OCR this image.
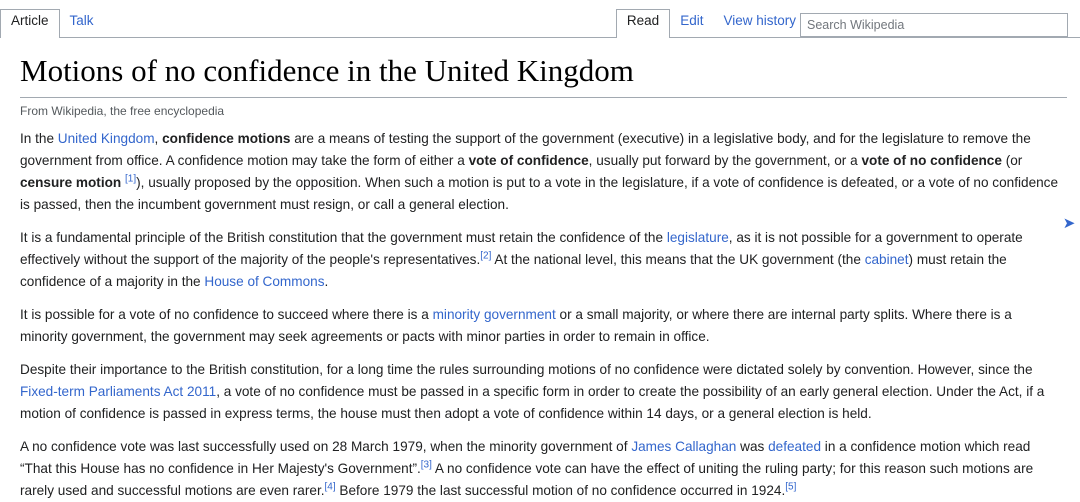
Article Talk	Read Edit View history
Search Wikipedia
Motions of no confidence in the United Kingdom
From Wikipedia, the free encyclopedia

In the United Kingdom, confidence motions are a means of testing the support of the government (executive) in a legislative body, and for the legislature to remove the government from office. A confidence motion may take the form of either a vote of confidence, usually put forward by the government, or a vote of no confidence (or censure motion [1]), usually proposed by the opposition. When such a motion is put to a vote in the legislature, if a vote of confidence is defeated, or a vote of no confidence is passed, then the incumbent government must resign, or call a general election.

It is a fundamental principle of the British constitution that the government must retain the confidence of the legislature, as it is not possible for a government to operate effectively without the support of the majority of the people's representatives.[2] At the national level, this means that the UK government (the cabinet) must retain the confidence of a majority in the House of Commons.

It is possible for a vote of no confidence to succeed where there is a minority government or a small majority, or where there are internal party splits. Where there is a minority government, the government may seek agreements or pacts with minor parties in order to remain in office.

Despite their importance to the British constitution, for a long time the rules surrounding motions of no confidence were dictated solely by convention. However, since the Fixed-term Parliaments Act 2011, a vote of no confidence must be passed in a specific form in order to create the possibility of an early general election. Under the Act, if a motion of confidence is passed in express terms, the house must then adopt a vote of confidence within 14 days, or a general election is held.

A no confidence vote was last successfully used on 28 March 1979, when the minority government of James Callaghan was defeated in a confidence motion which read “That this House has no confidence in Her Majesty's Government”.[3] A no confidence vote can have the effect of uniting the ruling party; for this reason such motions are rarely used and successful motions are even rarer.[4] Before 1979 the last successful motion of no confidence occurred in 1924.[5]

➤
